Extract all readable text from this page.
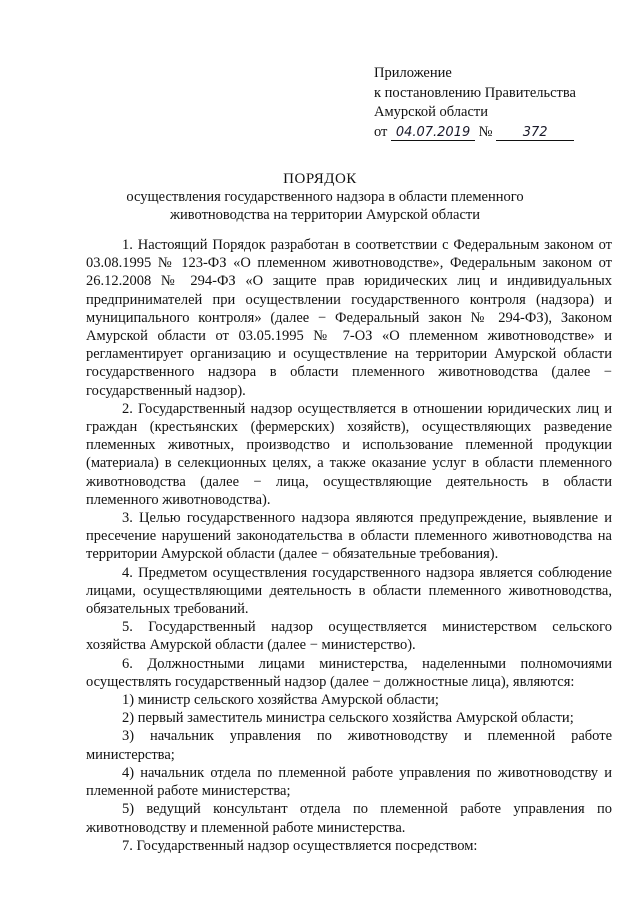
Приложение
к постановлению Правительства
Амурской области
от 04.07.2019 № 372
ПОРЯДОК
осуществления государственного надзора в области племенного животноводства на территории Амурской области

1. Настоящий Порядок разработан в соответствии с Федеральным законом от 03.08.1995 № 123-ФЗ «О племенном животноводстве», Федеральным законом от 26.12.2008 № 294-ФЗ «О защите прав юридических лиц и индивидуальных предпринимателей при осуществлении государственного контроля (надзора) и муниципального контроля» (далее − Федеральный закон № 294-ФЗ), Законом Амурской области от 03.05.1995 № 7-ОЗ «О племенном животноводстве» и регламентирует организацию и осуществление на территории Амурской области государственного надзора в области племенного животноводства (далее − государственный надзор).

2. Государственный надзор осуществляется в отношении юридических лиц и граждан (крестьянских (фермерских) хозяйств), осуществляющих разведение племенных животных, производство и использование племенной продукции (материала) в селекционных целях, а также оказание услуг в области племенного животноводства (далее − лица, осуществляющие деятельность в области племенного животноводства).

3. Целью государственного надзора являются предупреждение, выявление и пресечение нарушений законодательства в области племенного животноводства на территории Амурской области (далее − обязательные требования).

4. Предметом осуществления государственного надзора является соблюдение лицами, осуществляющими деятельность в области племенного животноводства, обязательных требований.

5. Государственный надзор осуществляется министерством сельского хозяйства Амурской области (далее − министерство).

6. Должностными лицами министерства, наделенными полномочиями осуществлять государственный надзор (далее − должностные лица), являются:

1) министр сельского хозяйства Амурской области;

2) первый заместитель министра сельского хозяйства Амурской области;

3) начальник управления по животноводству и племенной работе министерства;

4) начальник отдела по племенной работе управления по животноводству и племенной работе министерства;

5) ведущий консультант отдела по племенной работе управления по животноводству и племенной работе министерства.

7. Государственный надзор осуществляется посредством:
